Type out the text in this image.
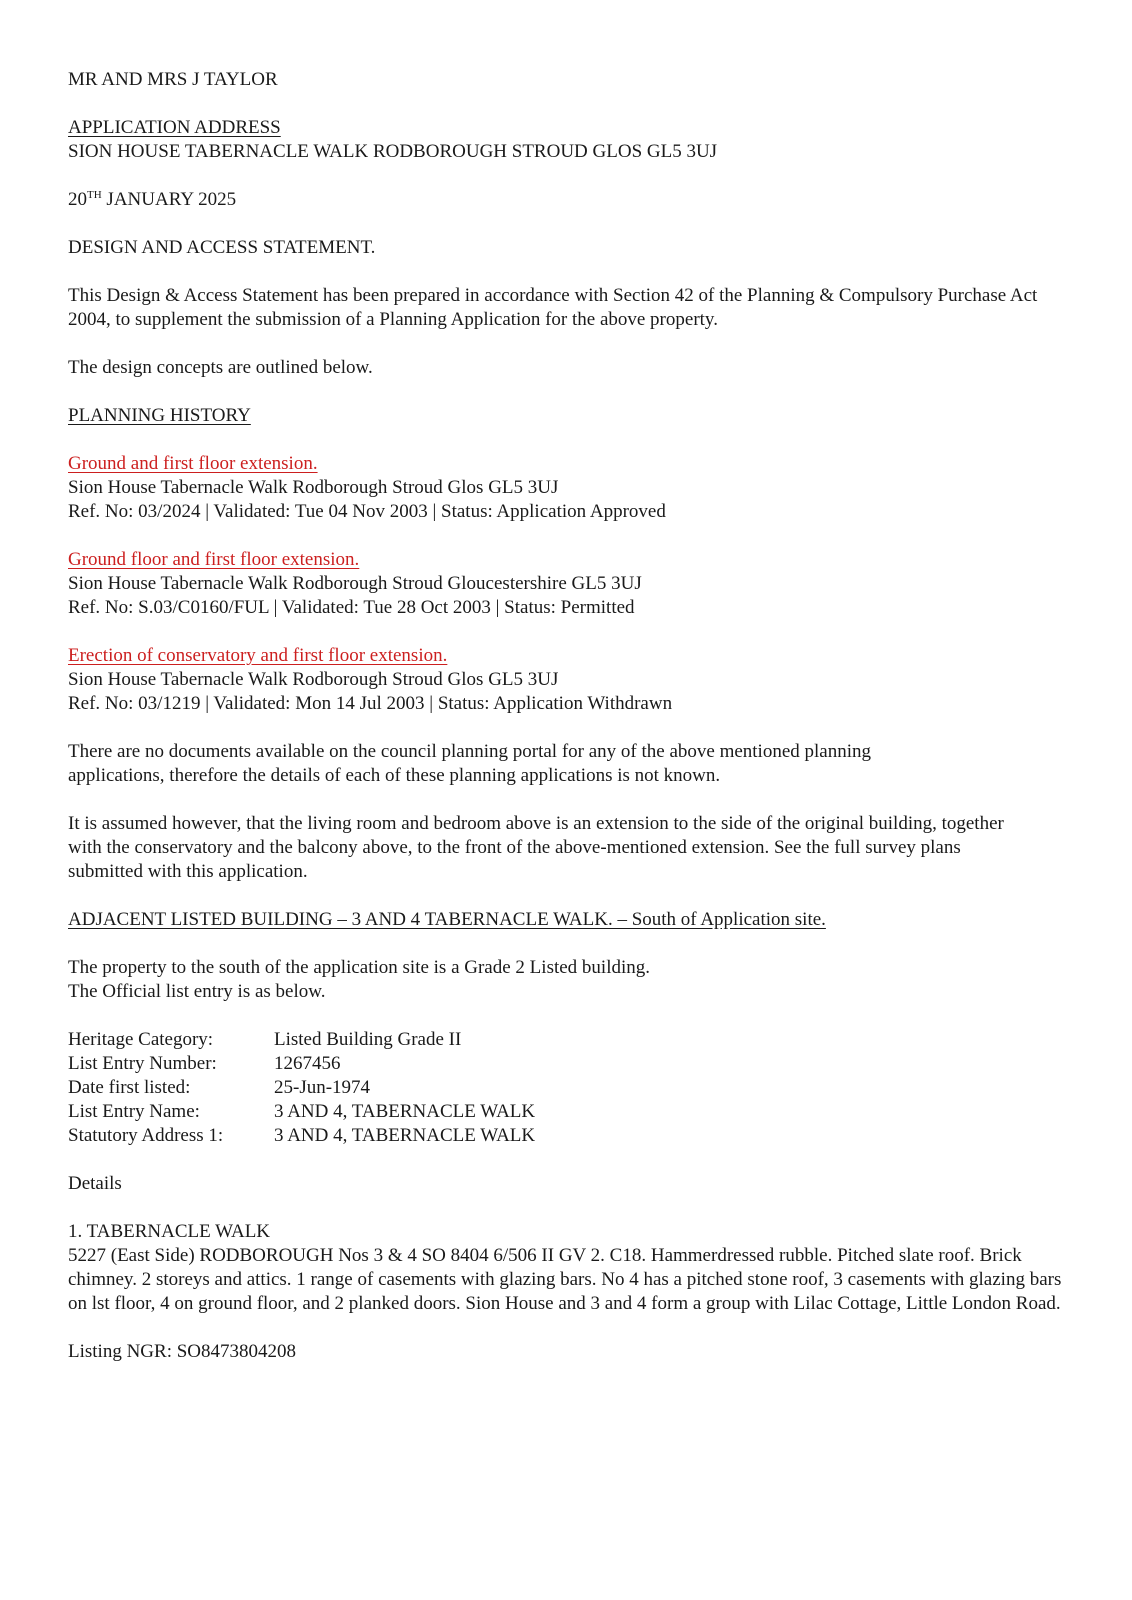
MR AND MRS J TAYLOR
APPLICATION ADDRESS
SION HOUSE TABERNACLE WALK RODBOROUGH STROUD GLOS GL5 3UJ
20TH JANUARY 2025
DESIGN AND ACCESS STATEMENT.
This Design & Access Statement has been prepared in accordance with Section 42 of the Planning & Compulsory Purchase Act 2004, to supplement the submission of a Planning Application for the above property.
The design concepts are outlined below.
PLANNING HISTORY
Ground and first floor extension.
Sion House Tabernacle Walk Rodborough Stroud Glos GL5 3UJ
Ref. No: 03/2024 | Validated: Tue 04 Nov 2003 | Status: Application Approved
Ground floor and first floor extension.
Sion House Tabernacle Walk Rodborough Stroud Gloucestershire GL5 3UJ
Ref. No: S.03/C0160/FUL | Validated: Tue 28 Oct 2003 | Status: Permitted
Erection of conservatory and first floor extension.
Sion House Tabernacle Walk Rodborough Stroud Glos GL5 3UJ
Ref. No: 03/1219 | Validated: Mon 14 Jul 2003 | Status: Application Withdrawn
There are no documents available on the council planning portal for any of the above mentioned planning applications, therefore the details of each of these planning applications is not known.
It is assumed however, that the living room and bedroom above is an extension to the side of the original building, together with the conservatory and the balcony above, to the front of the above-mentioned extension. See the full survey plans submitted with this application.
ADJACENT LISTED BUILDING – 3 AND 4 TABERNACLE WALK. – South of Application site.
The property to the south of the application site is a Grade 2 Listed building.
The Official list entry is as below.
Heritage Category:	Listed Building Grade II
List Entry Number:	1267456
Date first listed:	25-Jun-1974
List Entry Name:	3 AND 4, TABERNACLE WALK
Statutory Address 1:	3 AND 4, TABERNACLE WALK
Details
1. TABERNACLE WALK
5227 (East Side) RODBOROUGH Nos 3 & 4 SO 8404 6/506 II GV 2. C18. Hammerdressed rubble. Pitched slate roof. Brick chimney. 2 storeys and attics. 1 range of casements with glazing bars. No 4 has a pitched stone roof, 3 casements with glazing bars on lst floor, 4 on ground floor, and 2 planked doors. Sion House and 3 and 4 form a group with Lilac Cottage, Little London Road.
Listing NGR: SO8473804208
